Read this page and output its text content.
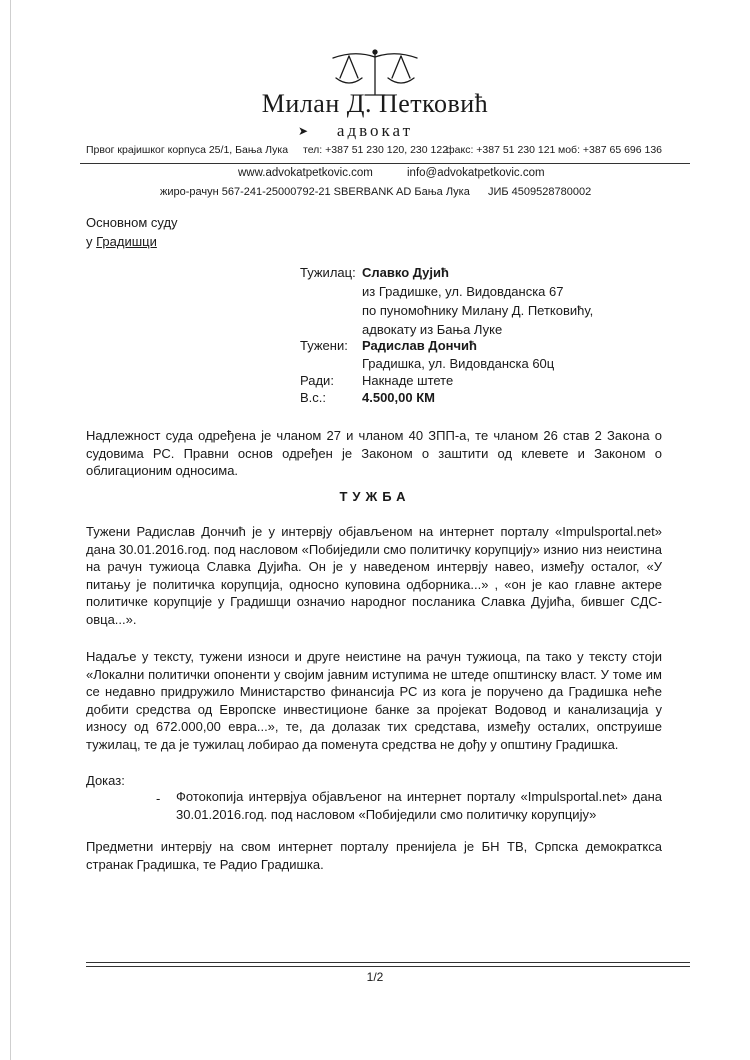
Милан Д. Петковић
➤	адвокат
Првог крајишког корпуса 25/1, Бања Лука тел: +387 51 230 120, 230 122
факс: +387 51 230 121 моб: +387 65 696 136
www.advokatpetkovic.com	info@advokatpetkovic.com
жиро-рачун 567-241-25000792-21 SBERBANK AD Бања Лука ЈИБ 4509528780002
Основном суду
у Градишци
Тужилац: Славко Дујић
из Градишке, ул. Видовданска 67
по пуномоћнику Милану Д. Петковићу,
адвокату из Бања Луке
Тужени: Радислав Дончић
Градишка, ул. Видовданска 60ц
Ради: Накнаде штете
В.с.:	4.500,00 КМ
Надлежност суда одређена је чланом 27 и чланом 40 ЗПП-а, те чланом 26 став 2 Закона о судовима РС. Правни основ одређен је Законом о заштити од клевете и Законом о облигационим односима.
ТУЖБА
Тужени Радислав Дончић је у интервју објављеном на интернет порталу «Impulsportal.net» дана 30.01.2016.год. под насловом «Побиједили смо политичку корупцију» изнио низ неистина на рачун тужиоца Славка Дујића. Он је у наведеном интервју навео, између осталог, «У питању је политичка корупција, односно куповина одборника...» , «он је као главне актере политичке корупције у Градишци означио народног посланика Славка Дујића, бившег СДС-овца...».
Надаље у тексту, тужени износи и друге неистине на рачун тужиоца, па тако у тексту стоји «Локални политички опоненти у својим јавним иступима не штеде општинску власт. У томе им се недавно придружило Министарство финансија РС из кога је поручено да Градишка неће добити средства од Европске инвестиционе банке за пројекат Водовод и канализација у износу од 672.000,00 евра...», те, да долазак тих средстава, између осталих, опструише тужилац, те да је тужилац лобирао да поменута средства не дођу у општину Градишка.
Доказ:
- Фотокопија интервјуа објављеног на интернет порталу «Impulsportal.net» дана 30.01.2016.год. под насловом «Побиједили смо политичку корупцију»
Предметни интервју на свом интернет порталу пренијела је БН ТВ, Српска демократкса странак Градишка, те Радио Градишка.
1/2
